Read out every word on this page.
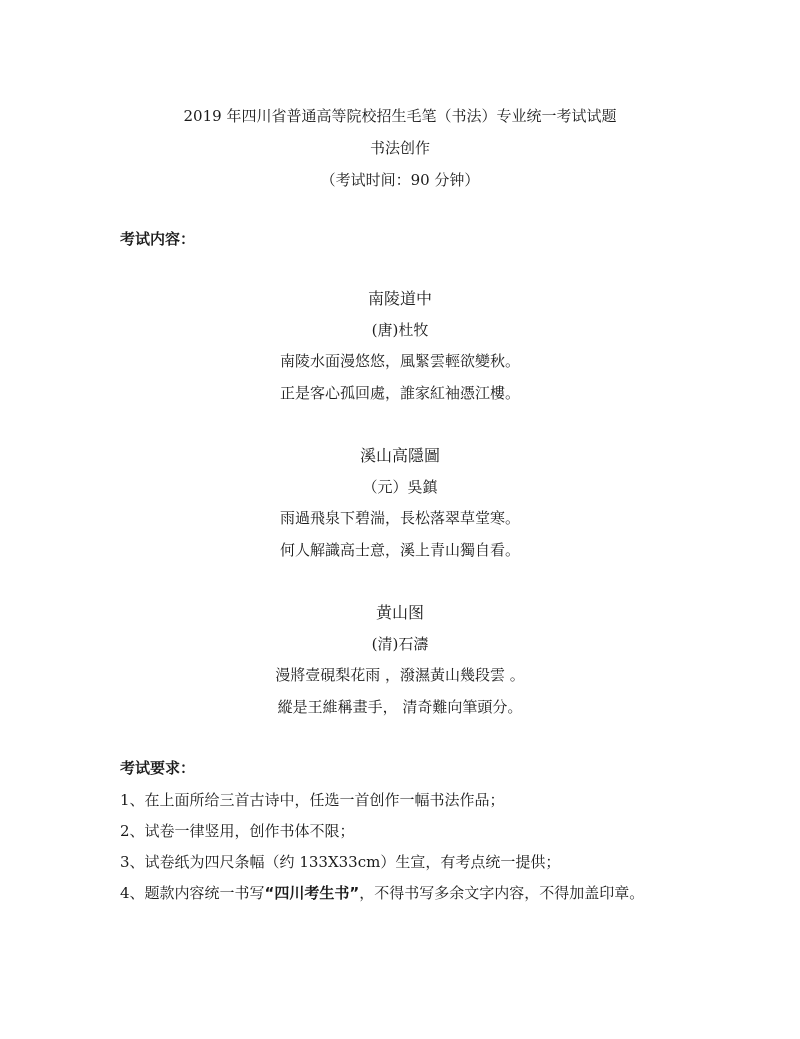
2019 年四川省普通高等院校招生毛笔（书法）专业统一考试试题
书法创作
（考试时间：90 分钟）
考试内容：
南陵道中
(唐)杜牧
南陵水面漫悠悠，風緊雲輕欲變秋。
正是客心孤回處，誰家紅袖憑江樓。
溪山高隱圖
（元）吳鎮
雨過飛泉下碧湍，長松落翠草堂寒。
何人解識高士意，溪上青山獨自看。
黄山图
(清)石濤
漫將壹硯梨花雨 ，潑濕黃山幾段雲 。
縱是王維稱畫手， 清奇難向筆頭分。
考试要求：
1、在上面所给三首古诗中，任选一首创作一幅书法作品；
2、试卷一律竖用，创作书体不限；
3、试卷纸为四尺条幅（约 133X33cm）生宣，有考点统一提供；
4、题款内容统一书写“四川考生书”，不得书写多余文字内容，不得加盖印章。
